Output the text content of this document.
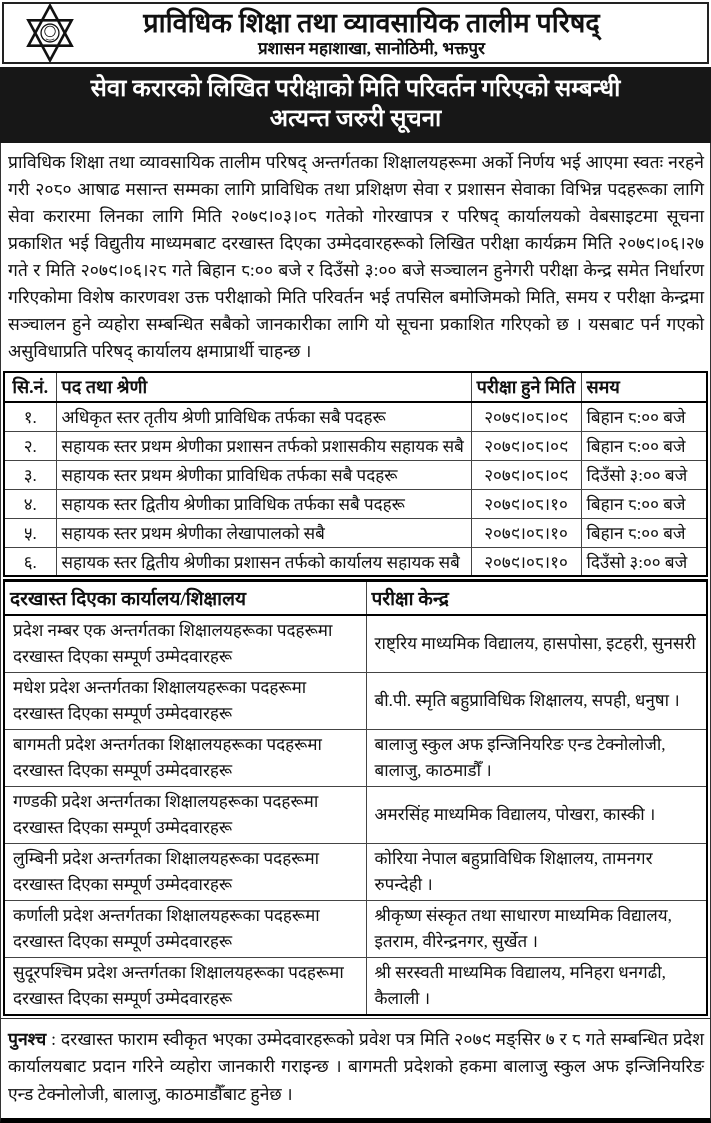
प्राविधिक शिक्षा तथा व्यावसायिक तालीम परिषद्
प्रशासन महाशाखा, सानोठिमी, भक्तपुर
सेवा करारको लिखित परीक्षाको मिति परिवर्तन गरिएको सम्बन्धी
अत्यन्त जरुरी सूचना

प्राविधिक शिक्षा तथा व्यावसायिक तालीम परिषद् अन्तर्गतका शिक्षालयहरूमा अर्को निर्णय भई आएमा स्वतः नरहने गरी २०८० आषाढ मसान्त सम्मका लागि प्राविधिक तथा प्रशिक्षण सेवा र प्रशासन सेवाका विभिन्न पदहरूका लागि सेवा करारमा लिनका लागि मिति २०७९।०३।०८ गतेको गोरखापत्र र परिषद् कार्यालयको वेबसाइटमा सूचना प्रकाशित भई विद्युतीय माध्यमबाट दरखास्त दिएका उम्मेदवारहरूको लिखित परीक्षा कार्यक्रम मिति २०७९।०६।२७ गते र मिति २०७९।०६।२८ गते बिहान ८:०० बजे र दिउँसो ३:०० बजे सञ्चालन हुनेगरी परीक्षा केन्द्र समेत निर्धारण गरिएकोमा विशेष कारणवश उक्त परीक्षाको मिति परिवर्तन भई तपसिल बमोजिमको मिति, समय र परीक्षा केन्द्रमा सञ्चालन हुने व्यहोरा सम्बन्धित सबैको जानकारीका लागि यो सूचना प्रकाशित गरिएको छ । यसबाट पर्न गएको असुविधाप्रति परिषद् कार्यालय क्षमाप्रार्थी चाहन्छ ।

सि.नं.	पद तथा श्रेणी	परीक्षा हुने मिति	समय
१.	अधिकृत स्तर तृतीय श्रेणी प्राविधिक तर्फका सबै पदहरू	२०७९।०८।०९	बिहान ८:०० बजे
२.	सहायक स्तर प्रथम श्रेणीका प्रशासन तर्फको प्रशासकीय सहायक सबै	२०७९।०८।०९	बिहान ८:०० बजे
३.	सहायक स्तर प्रथम श्रेणीका प्राविधिक तर्फका सबै पदहरू	२०७९।०८।०९	दिउँसो ३:०० बजे
४.	सहायक स्तर द्वितीय श्रेणीका प्राविधिक तर्फका सबै पदहरू	२०७९।०८।१०	बिहान ८:०० बजे
५.	सहायक स्तर प्रथम श्रेणीका लेखापालको सबै	२०७९।०८।१०	बिहान ८:०० बजे
६.	सहायक स्तर द्वितीय श्रेणीका प्रशासन तर्फको कार्यालय सहायक सबै	२०७९।०८।१०	दिउँसो ३:०० बजे
दरखास्त दिएका कार्यालय/शिक्षालय	परीक्षा केन्द्र
प्रदेश नम्बर एक अन्तर्गतका शिक्षालयहरूका पदहरूमा दरखास्त दिएका सम्पूर्ण उम्मेदवारहरू	राष्ट्रिय माध्यमिक विद्यालय, हासपोसा, इटहरी, सुनसरी
मधेश प्रदेश अन्तर्गतका शिक्षालयहरूका पदहरूमा दरखास्त दिएका सम्पूर्ण उम्मेदवारहरू	बी.पी. स्मृति बहुप्राविधिक शिक्षालय, सपही, धनुषा ।
बागमती प्रदेश अन्तर्गतका शिक्षालयहरूका पदहरूमा दरखास्त दिएका सम्पूर्ण उम्मेदवारहरू	बालाजु स्कुल अफ इन्जिनियरिङ एन्ड टेक्नोलोजी, बालाजु, काठमाडौँ ।
गण्डकी प्रदेश अन्तर्गतका शिक्षालयहरूका पदहरूमा दरखास्त दिएका सम्पूर्ण उम्मेदवारहरू	अमरसिंह माध्यमिक विद्यालय, पोखरा, कास्की ।
लुम्बिनी प्रदेश अन्तर्गतका शिक्षालयहरूका पदहरूमा दरखास्त दिएका सम्पूर्ण उम्मेदवारहरू	कोरिया नेपाल बहुप्राविधिक शिक्षालय, तामनगर रुपन्देही ।
कर्णाली प्रदेश अन्तर्गतका शिक्षालयहरूका पदहरूमा दरखास्त दिएका सम्पूर्ण उम्मेदवारहरू	श्रीकृष्ण संस्कृत तथा साधारण माध्यमिक विद्यालय, इतराम, वीरेन्द्रनगर, सुर्खेत ।
सुदूरपश्चिम प्रदेश अन्तर्गतका शिक्षालयहरूका पदहरूमा दरखास्त दिएका सम्पूर्ण उम्मेदवारहरू	श्री सरस्वती माध्यमिक विद्यालय, मनिहरा धनगढी, कैलाली ।

पुनश्च : दरखास्त फाराम स्वीकृत भएका उम्मेदवारहरूको प्रवेश पत्र मिति २०७९ मङ्सिर ७ र ८ गते सम्बन्धित प्रदेश कार्यालयबाट प्रदान गरिने व्यहोरा जानकारी गराइन्छ । बागमती प्रदेशको हकमा बालाजु स्कुल अफ इन्जिनियरिङ एन्ड टेक्नोलोजी, बालाजु, काठमाडौँबाट हुनेछ ।
